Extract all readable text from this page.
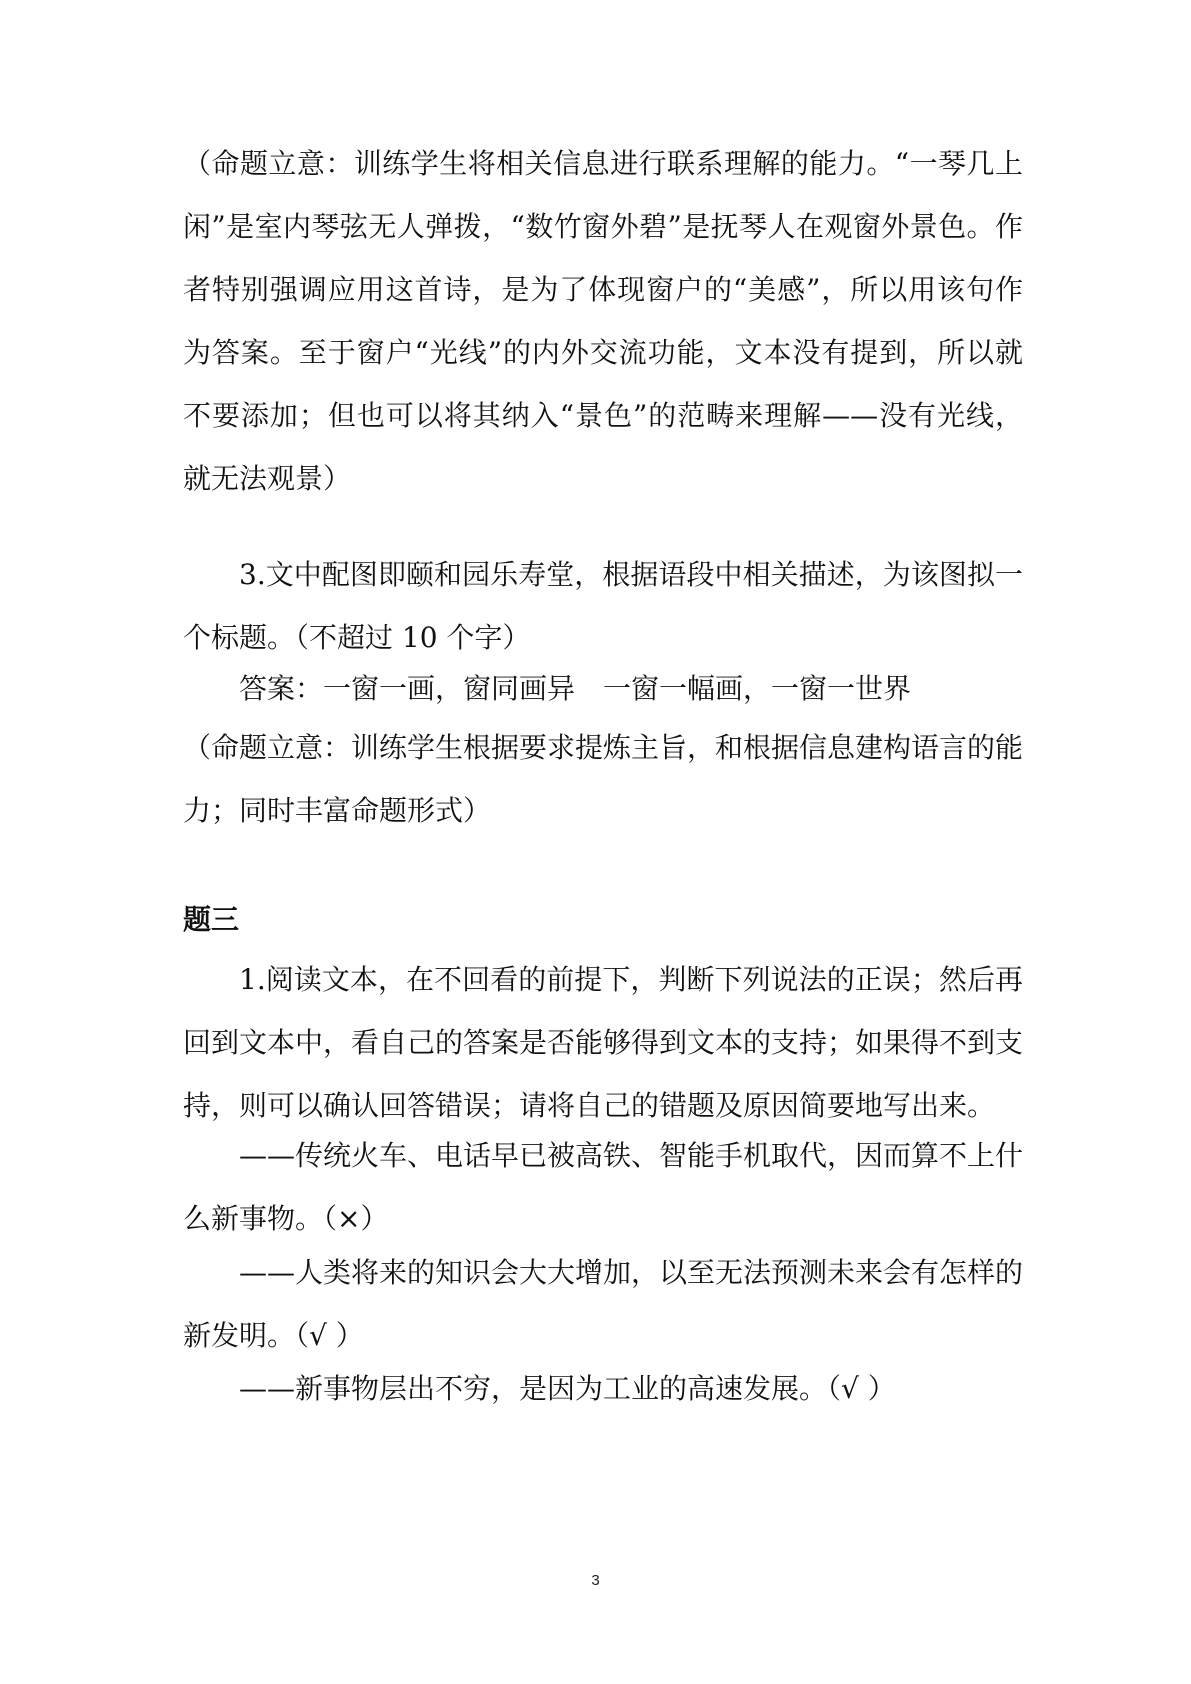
（命题立意：训练学生将相关信息进行联系理解的能力。“一琴几上闲”是室内琴弦无人弹拨，“数竹窗外碧”是抚琴人在观窗外景色。作者特别强调应用这首诗，是为了体现窗户的“美感”，所以用该句作为答案。至于窗户“光线”的内外交流功能，文本没有提到，所以就不要添加；但也可以将其纳入“景色”的范畴来理解——没有光线，就无法观景）

3.文中配图即颐和园乐寿堂，根据语段中相关描述，为该图拟一个标题。（不超过 10 个字）

答案：一窗一画，窗同画异　一窗一幅画，一窗一世界

（命题立意：训练学生根据要求提炼主旨，和根据信息建构语言的能力；同时丰富命题形式）

题三

1.阅读文本，在不回看的前提下，判断下列说法的正误；然后再回到文本中，看自己的答案是否能够得到文本的支持；如果得不到支持，则可以确认回答错误；请将自己的错题及原因简要地写出来。

——传统火车、电话早已被高铁、智能手机取代，因而算不上什么新事物。（×）

——人类将来的知识会大大增加，以至无法预测未来会有怎样的新发明。（√ ）

——新事物层出不穷，是因为工业的高速发展。（√ ）

3
